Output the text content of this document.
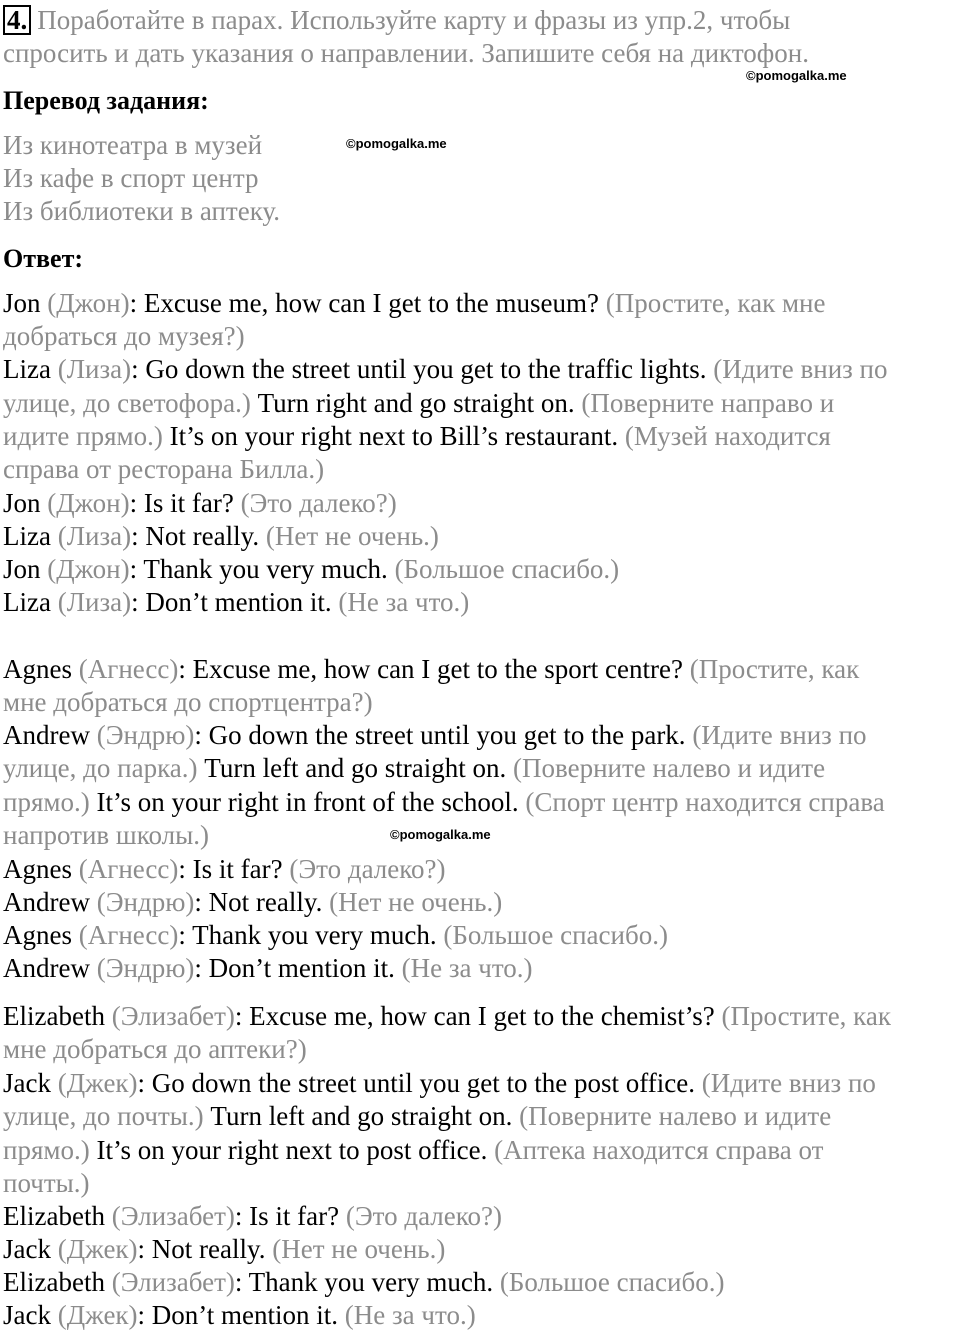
4. Поработайте в парах. Используйте карту и фразы из упр.2, чтобы
спросить и дать указания о направлении. Запишите себя на диктофон.
©pomogalka.me
Перевод задания:
Из кинотеатра в музей
Из кафе в спорт центр
Из библиотеки в аптеку.
©pomogalka.me
Ответ:
Jon (Джон): Excuse me, how can I get to the museum? (Простите, как мне
добраться до музея?)
Liza (Лиза): Go down the street until you get to the traffic lights. (Идите вниз по
улице, до светофора.) Turn right and go straight on. (Поверните направо и
идите прямо.) It’s on your right next to Bill’s restaurant. (Музей находится
справа от ресторана Билла.)
Jon (Джон): Is it far? (Это далеко?)
Liza (Лиза): Not really. (Нет не очень.)
Jon (Джон): Thank you very much. (Большое спасибо.)
Liza (Лиза): Don’t mention it. (Не за что.)
Agnes (Агнесс): Excuse me, how can I get to the sport centre? (Простите, как
мне добраться до спортцентра?)
Andrew (Эндрю): Go down the street until you get to the park. (Идите вниз по
улице, до парка.) Turn left and go straight on. (Поверните налево и идите
прямо.) It’s on your right in front of the school. (Спорт центр находится справа
напротив школы.)
Agnes (Агнесс): Is it far? (Это далеко?)
Andrew (Эндрю): Not really. (Нет не очень.)
Agnes (Агнесс): Thank you very much. (Большое спасибо.)
Andrew (Эндрю): Don’t mention it. (Не за что.)
Elizabeth (Элизабет): Excuse me, how can I get to the chemist’s? (Простите, как
мне добраться до аптеки?)
Jack (Джек): Go down the street until you get to the post office. (Идите вниз по
улице, до почты.) Turn left and go straight on. (Поверните налево и идите
прямо.) It’s on your right next to post office. (Аптека находится справа от
почты.)
Elizabeth (Элизабет): Is it far? (Это далеко?)
Jack (Джек): Not really. (Нет не очень.)
Elizabeth (Элизабет): Thank you very much. (Большое спасибо.)
Jack (Джек): Don’t mention it. (Не за что.)
©pomogalka.me
